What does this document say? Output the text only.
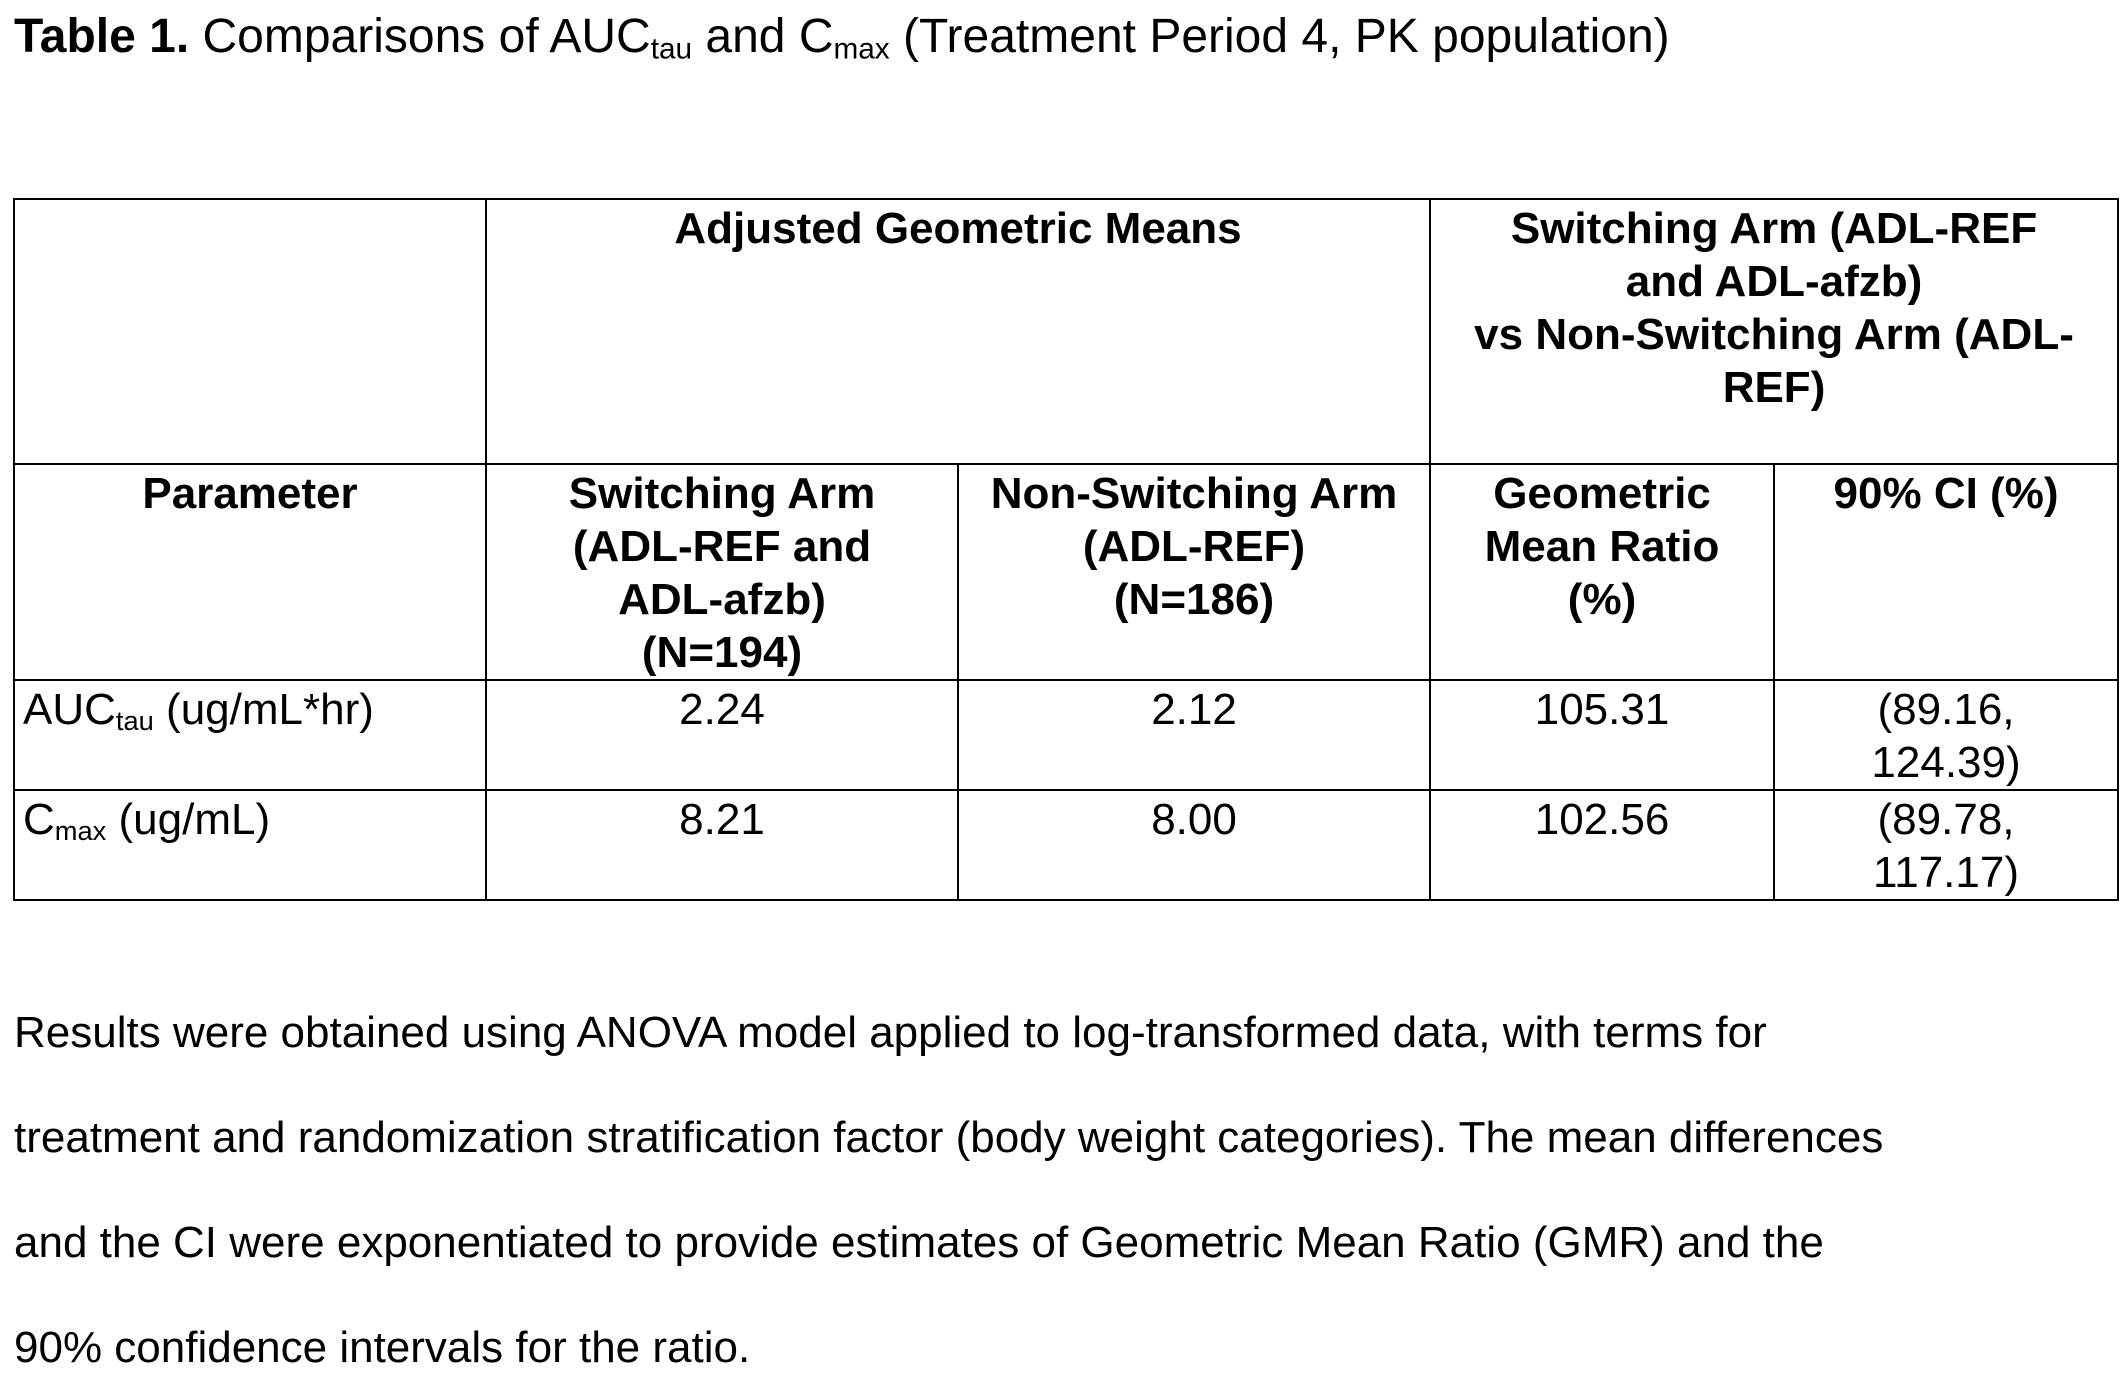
Table 1. Comparisons of $AUC_{tau}$ and $C_{max}$ (Treatment Period 4, PK population)
	Adjusted Geometric Means		Switching Arm (ADL-REF
and ADL-afzb)
vs Non-Switching Arm (ADL-
REF)	
Parameter	Switching Arm
(ADL-REF and
ADL-afzb)
(N=194)	Non-Switching Arm
(ADL-REF)
(N=186)	Geometric
Mean Ratio
(%)	90% CI (%)
$AUC_{tau}$ (ug/mL*hr)	2.24	2.12	105.31	(89.16,
124.39)
$C_{max}$ (ug/mL)	8.21	8.00	102.56	(89.78,
117.17)

Results were obtained using ANOVA model applied to log-transformed data, with terms for

treatment and randomization stratification factor (body weight categories). The mean differences

and the CI were exponentiated to provide estimates of Geometric Mean Ratio (GMR) and the

90% confidence intervals for the ratio.
